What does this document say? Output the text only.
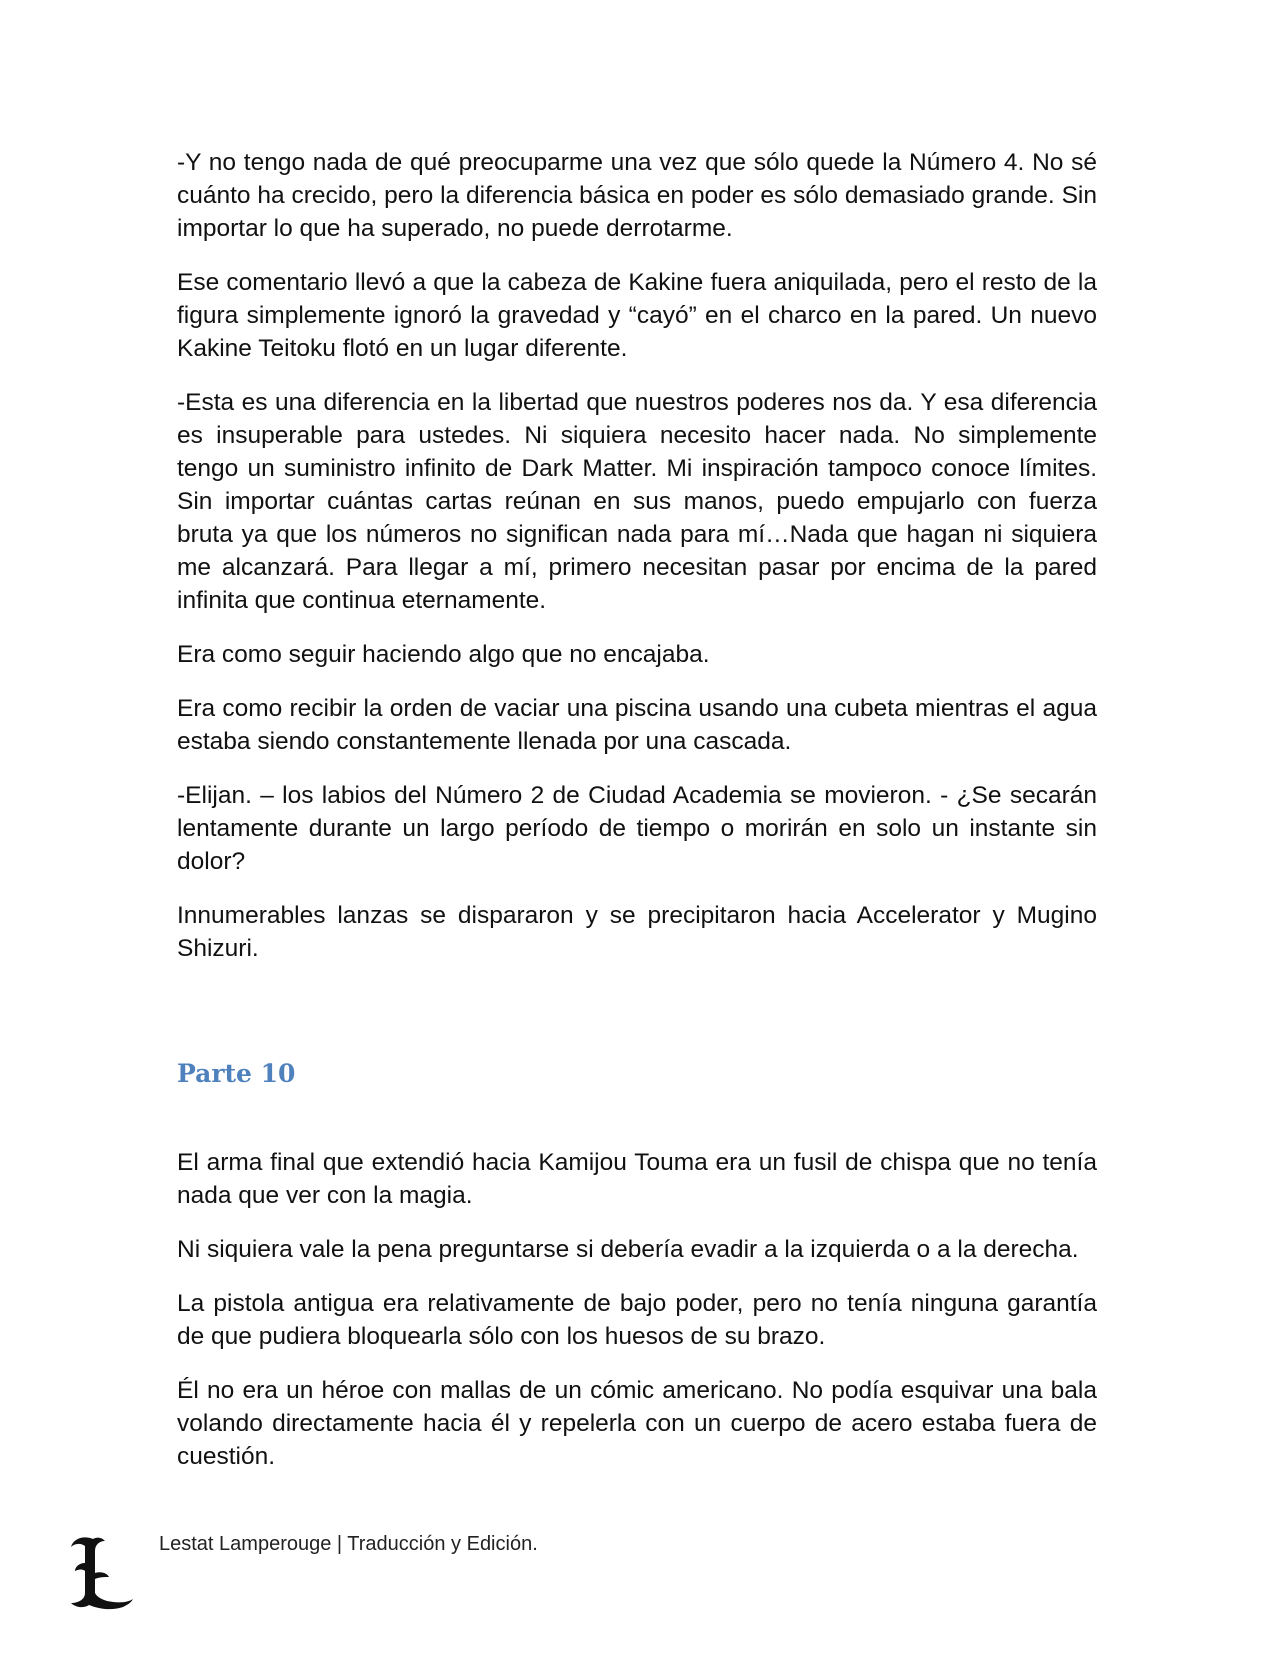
-Y no tengo nada de qué preocuparme una vez que sólo quede la Número 4. No sé cuánto ha crecido, pero la diferencia básica en poder es sólo demasiado grande. Sin importar lo que ha superado, no puede derrotarme.

Ese comentario llevó a que la cabeza de Kakine fuera aniquilada, pero el resto de la figura simplemente ignoró la gravedad y “cayó” en el charco en la pared. Un nuevo Kakine Teitoku flotó en un lugar diferente.

-Esta es una diferencia en la libertad que nuestros poderes nos da. Y esa diferencia es insuperable para ustedes. Ni siquiera necesito hacer nada. No simplemente tengo un suministro infinito de Dark Matter. Mi inspiración tampoco conoce límites. Sin importar cuántas cartas reúnan en sus manos, puedo empujarlo con fuerza bruta ya que los números no significan nada para mí…Nada que hagan ni siquiera me alcanzará. Para llegar a mí, primero necesitan pasar por encima de la pared infinita que continua eternamente.

Era como seguir haciendo algo que no encajaba.

Era como recibir la orden de vaciar una piscina usando una cubeta mientras el agua estaba siendo constantemente llenada por una cascada.

-Elijan. – los labios del Número 2 de Ciudad Academia se movieron. - ¿Se secarán lentamente durante un largo período de tiempo o morirán en solo un instante sin dolor?

Innumerables lanzas se dispararon y se precipitaron hacia Accelerator y Mugino Shizuri.

Parte 10

El arma final que extendió hacia Kamijou Touma era un fusil de chispa que no tenía nada que ver con la magia.

Ni siquiera vale la pena preguntarse si debería evadir a la izquierda o a la derecha.

La pistola antigua era relativamente de bajo poder, pero no tenía ninguna garantía de que pudiera bloquearla sólo con los huesos de su brazo.

Él no era un héroe con mallas de un cómic americano. No podía esquivar una bala volando directamente hacia él y repelerla con un cuerpo de acero estaba fuera de cuestión.

Lestat Lamperouge | Traducción y Edición.
